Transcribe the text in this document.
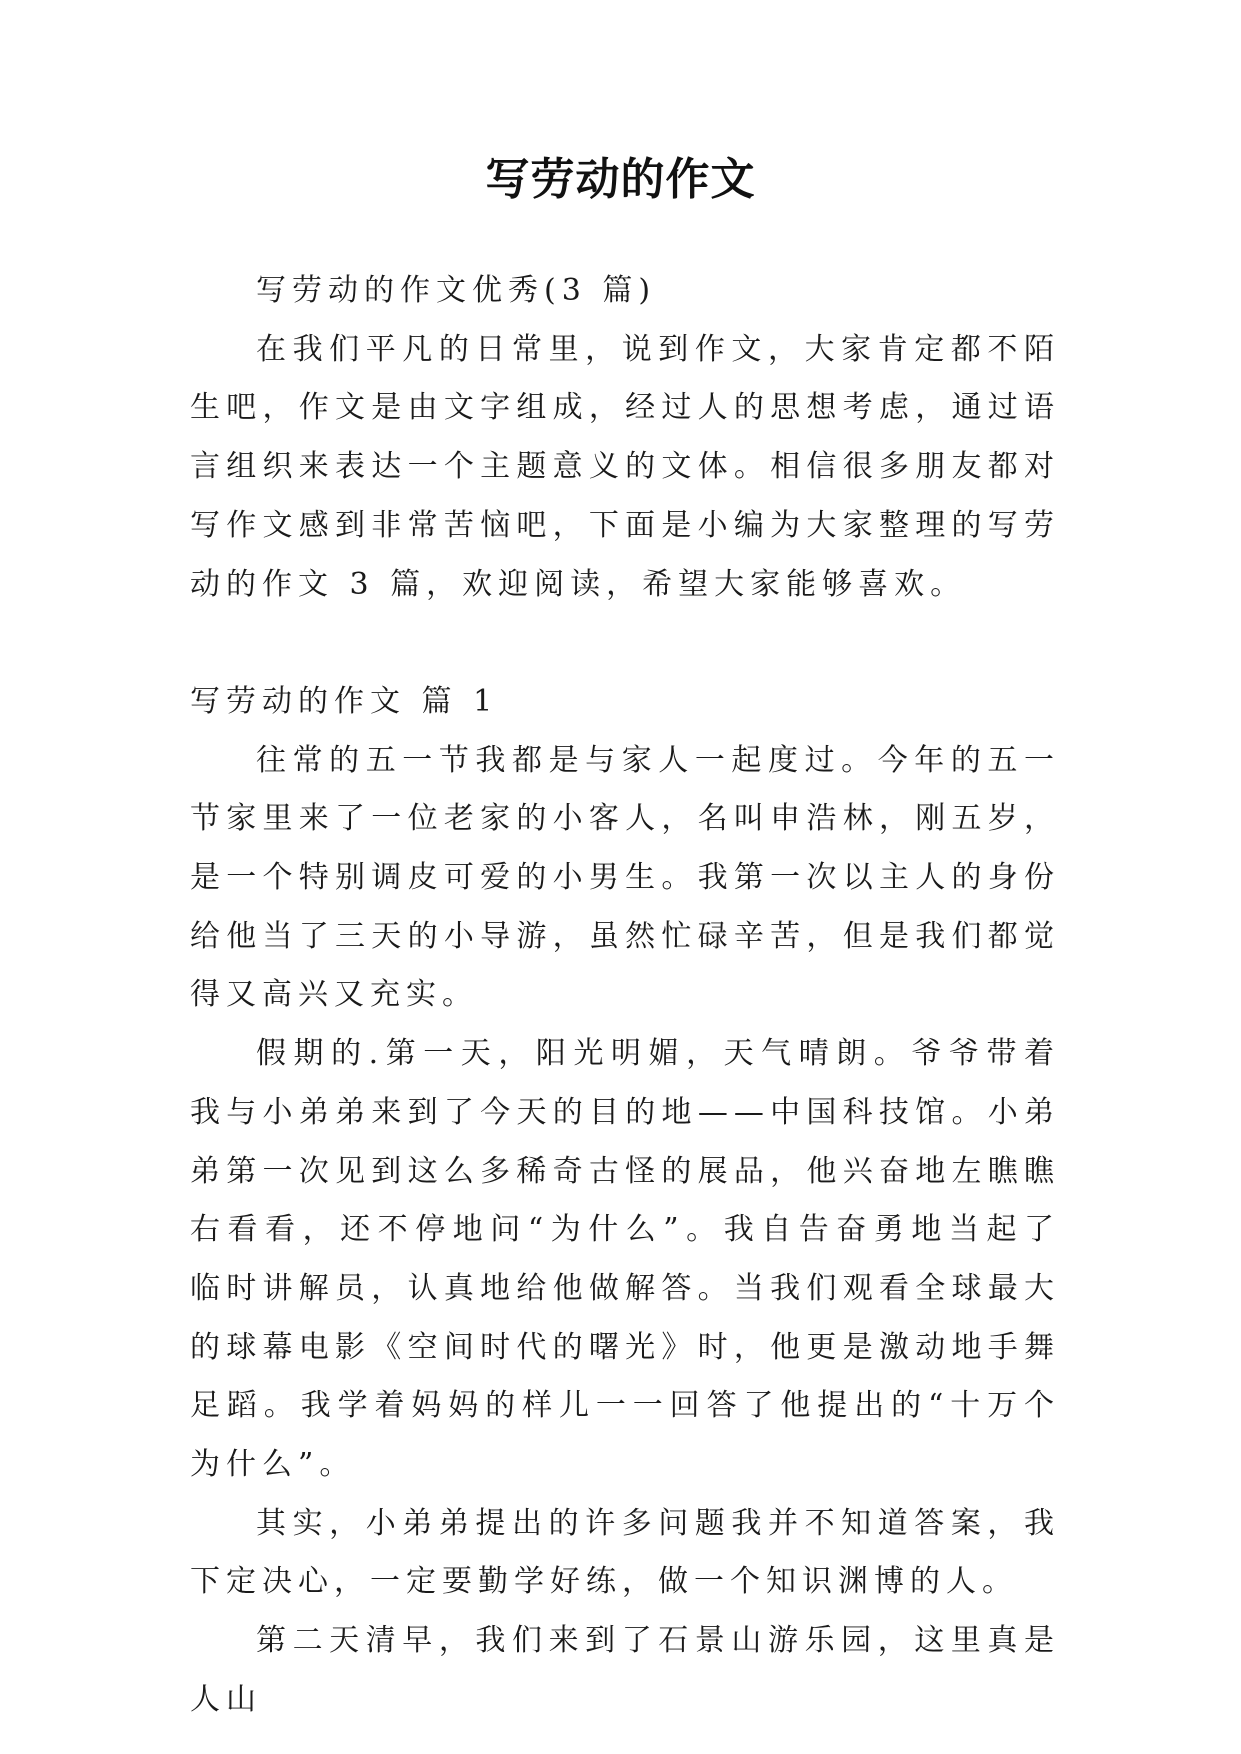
写劳动的作文

写劳动的作文优秀(3 篇)

在我们平凡的日常里，说到作文，大家肯定都不陌生吧，作文是由文字组成，经过人的思想考虑，通过语言组织来表达一个主题意义的文体。相信很多朋友都对写作文感到非常苦恼吧，下面是小编为大家整理的写劳动的作文 3 篇，欢迎阅读，希望大家能够喜欢。

写劳动的作文 篇 1

往常的五一节我都是与家人一起度过。今年的五一节家里来了一位老家的小客人，名叫申浩林，刚五岁，是一个特别调皮可爱的小男生。我第一次以主人的身份给他当了三天的小导游，虽然忙碌辛苦，但是我们都觉得又高兴又充实。

假期的.第一天，阳光明媚，天气晴朗。爷爷带着我与小弟弟来到了今天的目的地——中国科技馆。小弟弟第一次见到这么多稀奇古怪的展品，他兴奋地左瞧瞧右看看，还不停地问“为什么”。我自告奋勇地当起了临时讲解员，认真地给他做解答。当我们观看全球最大的球幕电影《空间时代的曙光》时，他更是激动地手舞足蹈。我学着妈妈的样儿一一回答了他提出的“十万个为什么”。

其实，小弟弟提出的许多问题我并不知道答案，我下定决心，一定要勤学好练，做一个知识渊博的人。

第二天清早，我们来到了石景山游乐园，这里真是人山
